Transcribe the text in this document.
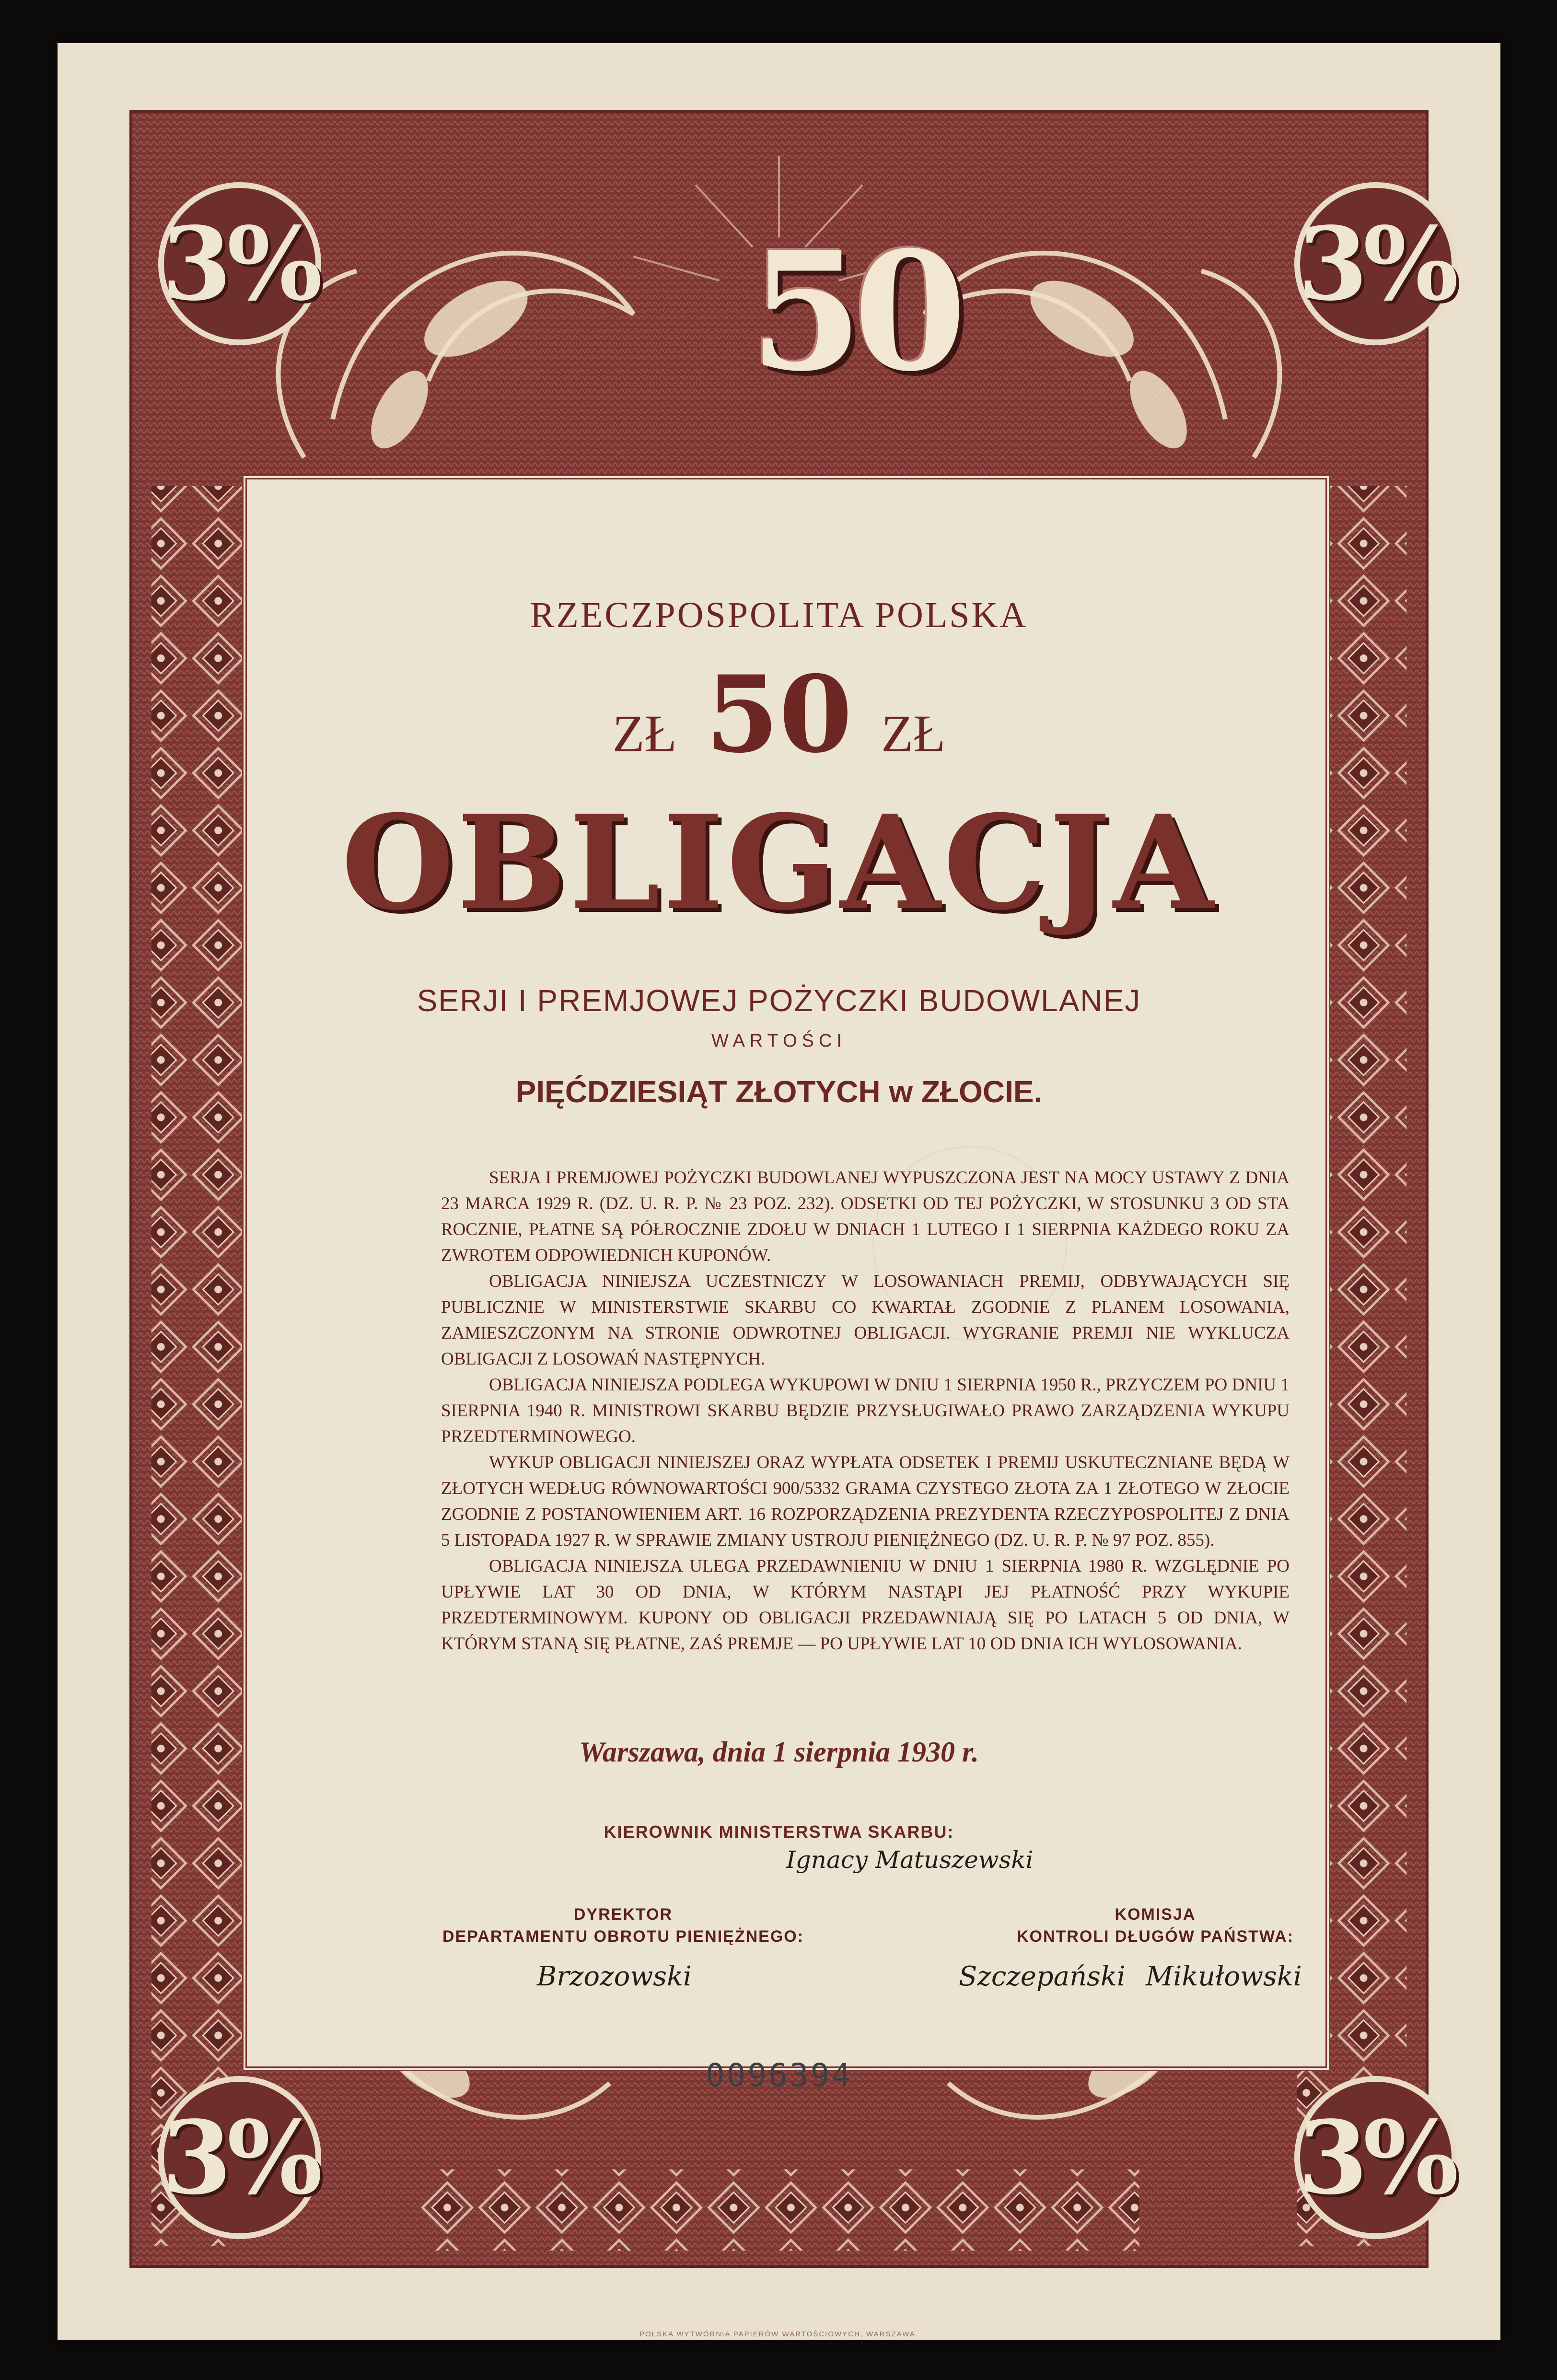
3%	3%
3%	3%
50
RZECZPOSPOLITA POLSKA
ZŁ 50 ZŁ
OBLIGACJA
SERJI I PREMJOWEJ POŻYCZKI BUDOWLANEJ
WARTOŚCI
PIĘĆDZIESIĄT ZŁOTYCH w ZŁOCIE.

SERJA I PREMJOWEJ POŻYCZKI BUDOWLANEJ WYPUSZCZONA JEST NA MOCY USTAWY Z DNIA 23 MARCA 1929 R. (DZ. U. R. P. № 23 POZ. 232). ODSETKI OD TEJ POŻYCZKI, W STOSUNKU 3 OD STA ROCZNIE, PŁATNE SĄ PÓŁROCZNIE ZDOŁU W DNIACH 1 LUTEGO I 1 SIERPNIA KAŻDEGO ROKU ZA ZWROTEM ODPOWIEDNICH KUPONÓW.

OBLIGACJA NINIEJSZA UCZESTNICZY W LOSOWANIACH PREMIJ, ODBYWAJĄCYCH SIĘ PUBLICZNIE W MINISTERSTWIE SKARBU CO KWARTAŁ ZGODNIE Z PLANEM LOSOWANIA, ZAMIESZCZONYM NA STRONIE ODWROTNEJ OBLIGACJI. WYGRANIE PREMJI NIE WYKLUCZA OBLIGACJI Z LOSOWAŃ NASTĘPNYCH.

OBLIGACJA NINIEJSZA PODLEGA WYKUPOWI W DNIU 1 SIERPNIA 1950 R., PRZYCZEM PO DNIU 1 SIERPNIA 1940 R. MINISTROWI SKARBU BĘDZIE PRZYSŁUGIWAŁO PRAWO ZARZĄDZENIA WYKUPU PRZEDTERMINOWEGO.

WYKUP OBLIGACJI NINIEJSZEJ ORAZ WYPŁATA ODSETEK I PREMIJ USKUTECZNIANE BĘDĄ W ZŁOTYCH WEDŁUG RÓWNOWARTOŚCI 900/5332 GRAMA CZYSTEGO ZŁOTA ZA 1 ZŁOTEGO W ZŁOCIE ZGODNIE Z POSTANOWIENIEM ART. 16 ROZPORZĄDZENIA PREZYDENTA RZECZYPOSPOLITEJ Z DNIA 5 LISTOPADA 1927 R. W SPRAWIE ZMIANY USTROJU PIENIĘŻNEGO (DZ. U. R. P. № 97 POZ. 855).

OBLIGACJA NINIEJSZA ULEGA PRZEDAWNIENIU W DNIU 1 SIERPNIA 1980 R. WZGLĘDNIE PO UPŁYWIE LAT 30 OD DNIA, W KTÓRYM NASTĄPI JEJ PŁATNOŚĆ PRZY WYKUPIE PRZEDTERMINOWYM. KUPONY OD OBLIGACJI PRZEDAWNIAJĄ SIĘ PO LATACH 5 OD DNIA, W KTÓRYM STANĄ SIĘ PŁATNE, ZAŚ PREMJE — PO UPŁYWIE LAT 10 OD DNIA ICH WYLOSOWANIA.

Warszawa, dnia 1 sierpnia 1930 r.
KIEROWNIK MINISTERSTWA SKARBU:
Ignacy Matuszewski
DYREKTOR
DEPARTAMENTU OBROTU PIENIĘŻNEGO:
KOMISJA
KONTROLI DŁUGÓW PAŃSTWA:
Brzozowski	Szczepański Mikułowski
0096394
POLSKA WYTWÓRNIA PAPIERÓW WARTOŚCIOWYCH, WARSZAWA.
